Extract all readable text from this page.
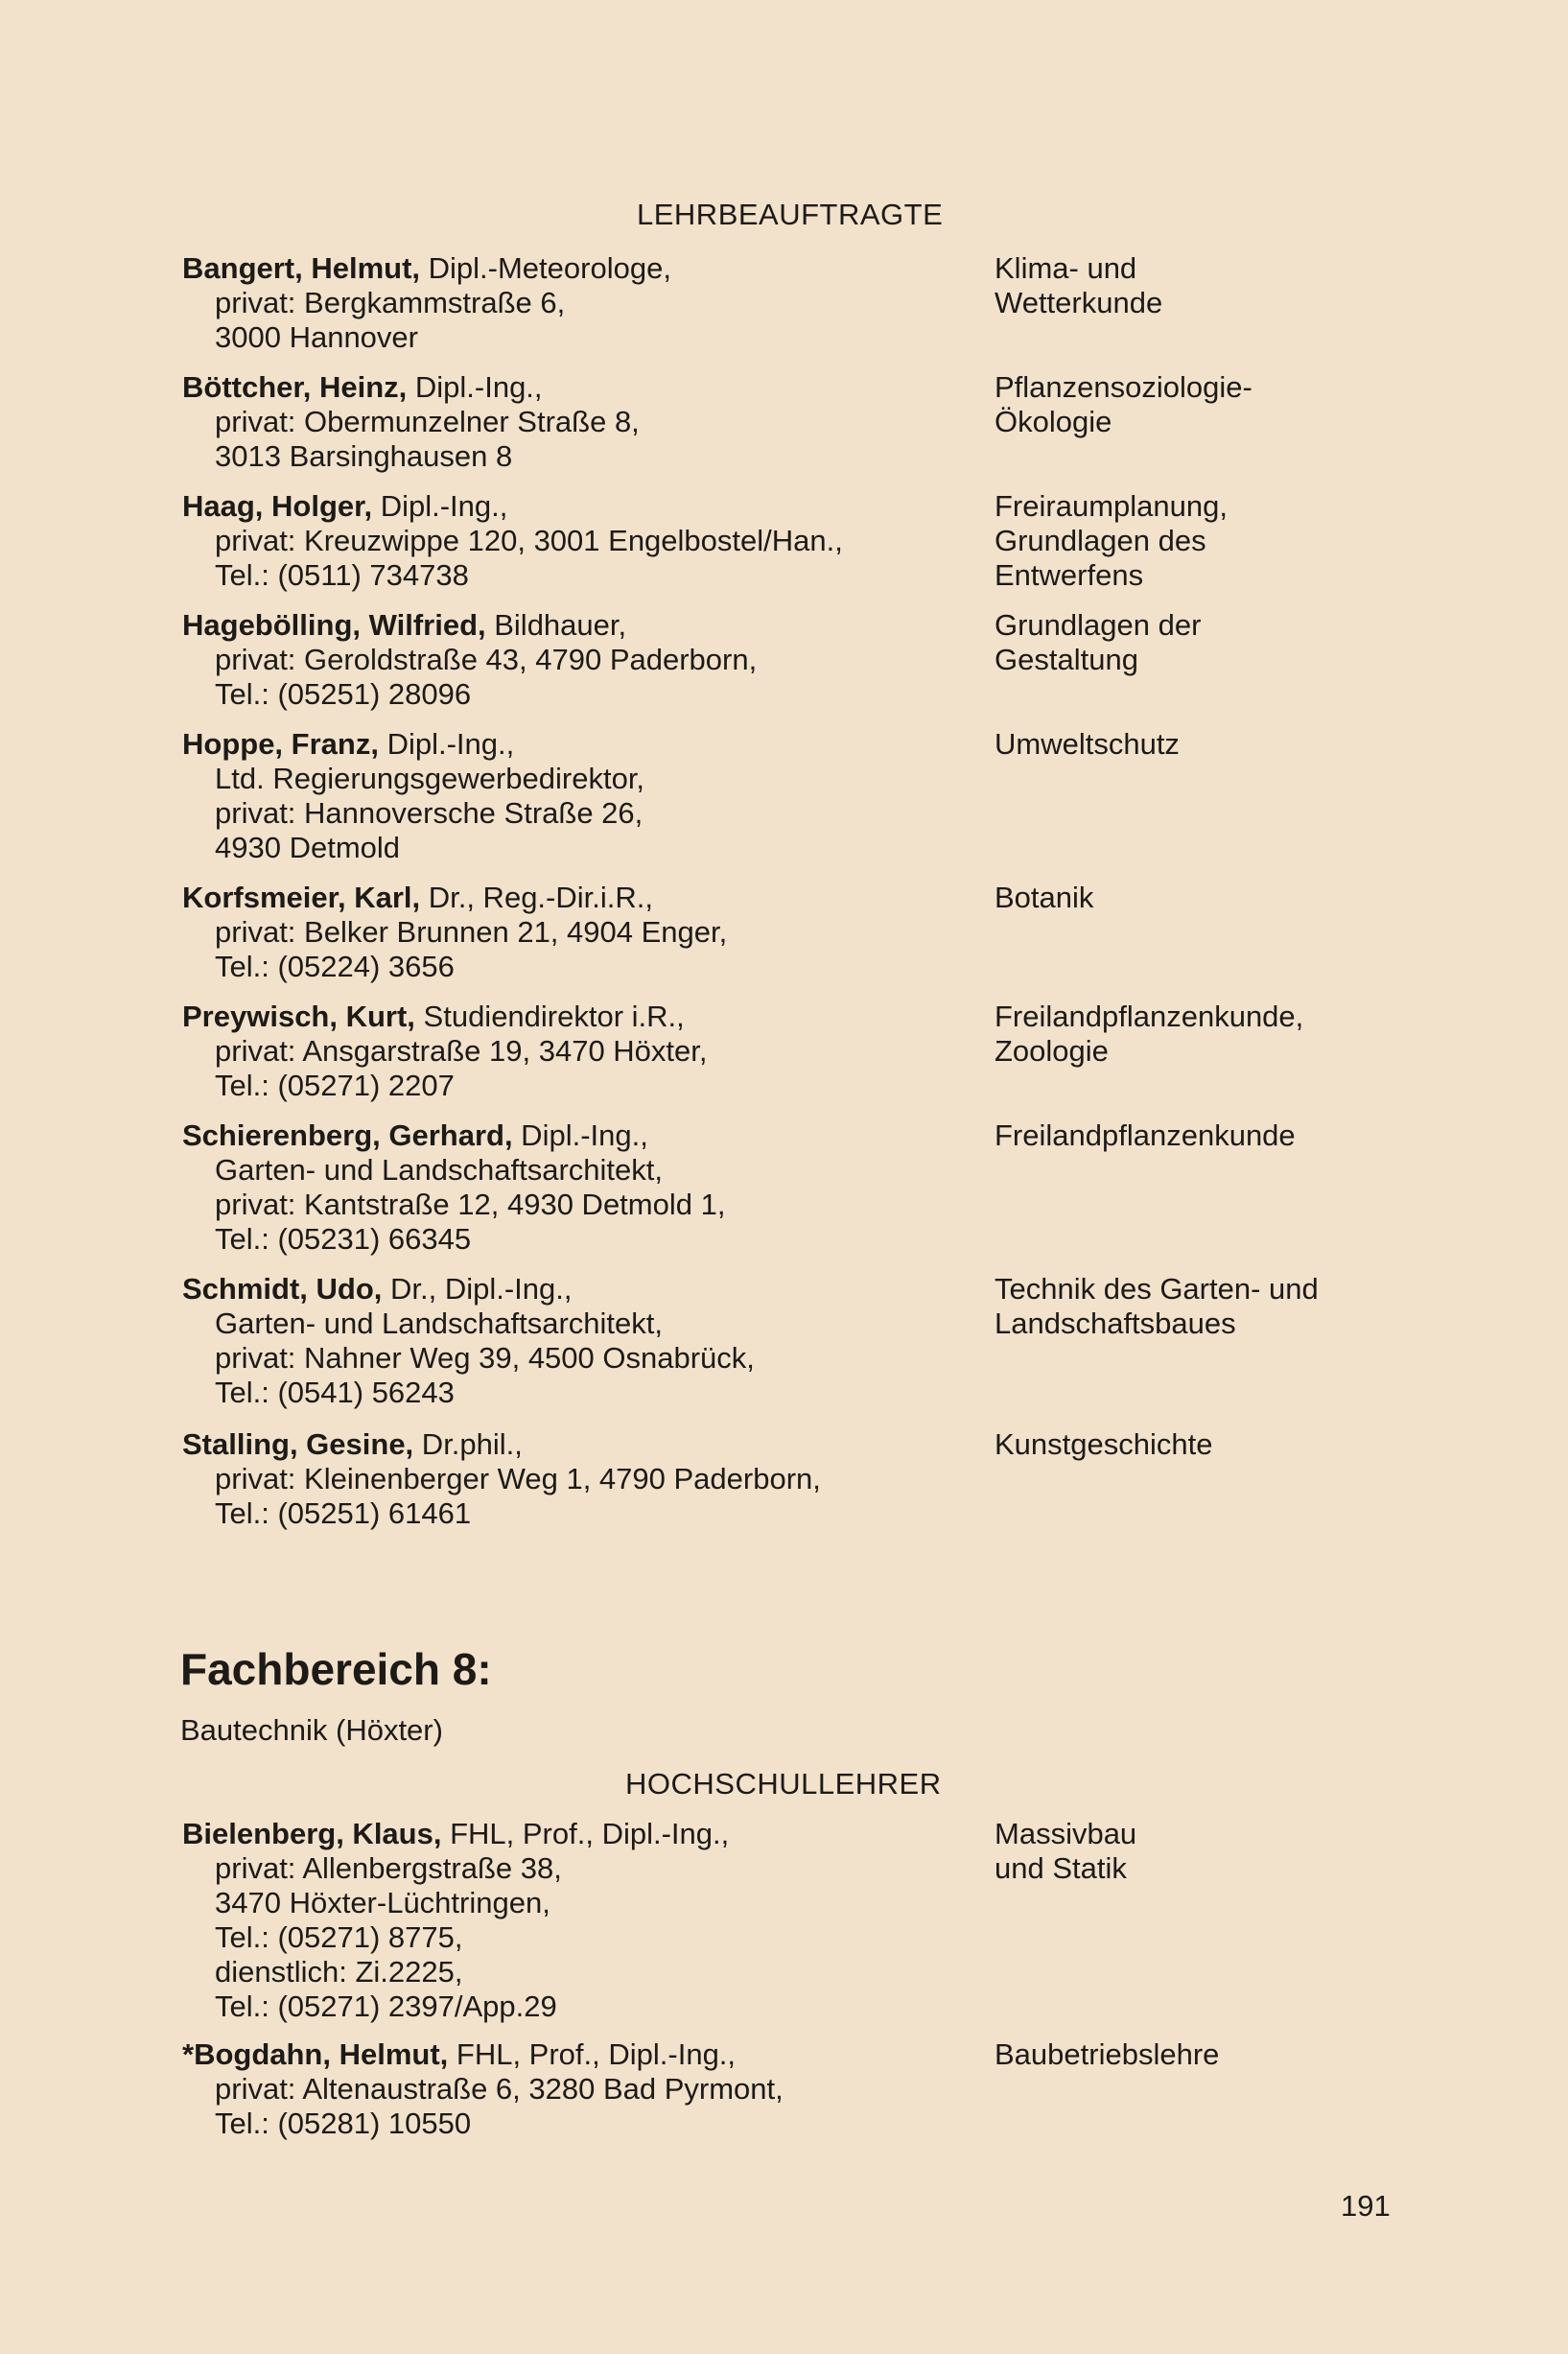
LEHRBEAUFTRAGTE
Bangert, Helmut, Dipl.-Meteorologe,
privat: Bergkammstraße 6,
3000 Hannover
Klima- und
Wetterkunde
Böttcher, Heinz, Dipl.-Ing.,
privat: Obermunzelner Straße 8,
3013 Barsinghausen 8
Pflanzensoziologie-
Ökologie
Haag, Holger, Dipl.-Ing.,
privat: Kreuzwippe 120, 3001 Engelbostel/Han.,
Tel.: (0511) 734738
Freiraumplanung,
Grundlagen des
Entwerfens
Hagebölling, Wilfried, Bildhauer,
privat: Geroldstraße 43, 4790 Paderborn,
Tel.: (05251) 28096
Grundlagen der
Gestaltung
Hoppe, Franz, Dipl.-Ing.,
Ltd. Regierungsgewerbedirektor,
privat: Hannoversche Straße 26,
4930 Detmold
Umweltschutz
Korfsmeier, Karl, Dr., Reg.-Dir.i.R.,
privat: Belker Brunnen 21, 4904 Enger,
Tel.: (05224) 3656
Botanik
Preywisch, Kurt, Studiendirektor i.R.,
privat: Ansgarstraße 19, 3470 Höxter,
Tel.: (05271) 2207
Freilandpflanzenkunde,
Zoologie
Schierenberg, Gerhard, Dipl.-Ing.,
Garten- und Landschaftsarchitekt,
privat: Kantstraße 12, 4930 Detmold 1,
Tel.: (05231) 66345
Freilandpflanzenkunde
Schmidt, Udo, Dr., Dipl.-Ing.,
Garten- und Landschaftsarchitekt,
privat: Nahner Weg 39, 4500 Osnabrück,
Tel.: (0541) 56243
Technik des Garten- und
Landschaftsbaues
Stalling, Gesine, Dr.phil.,
privat: Kleinenberger Weg 1, 4790 Paderborn,
Tel.: (05251) 61461
Kunstgeschichte
Fachbereich 8:
Bautechnik (Höxter)
HOCHSCHULLEHRER
Bielenberg, Klaus, FHL, Prof., Dipl.-Ing.,
privat: Allenbergstraße 38,
3470 Höxter-Lüchtringen,
Tel.: (05271) 8775,
dienstlich: Zi.2225,
Tel.: (05271) 2397/App.29
Massivbau
und Statik
*Bogdahn, Helmut, FHL, Prof., Dipl.-Ing.,
privat: Altenaustraße 6, 3280 Bad Pyrmont,
Tel.: (05281) 10550
Baubetriebslehre
191
